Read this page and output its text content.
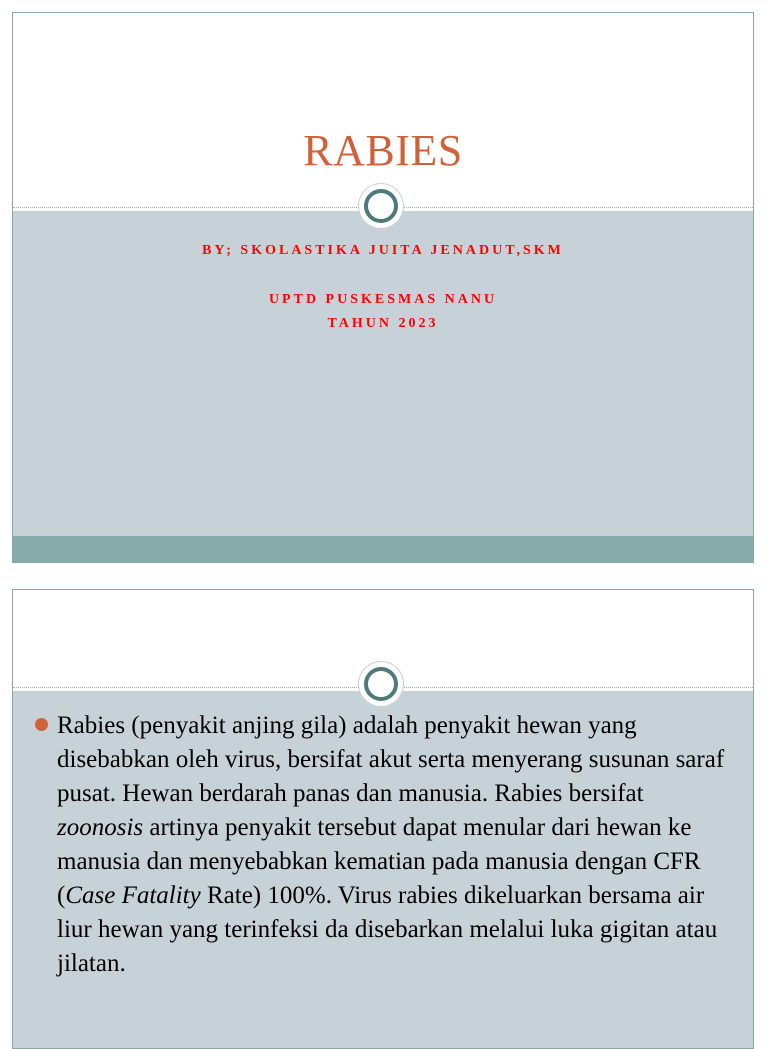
RABIES
BY; SKOLASTIKA JUITA JENADUT,SKM
UPTD PUSKESMAS NANU
TAHUN 2023

Rabies (penyakit anjing gila) adalah penyakit hewan yang disebabkan oleh virus, bersifat akut serta menyerang susunan saraf pusat. Hewan berdarah panas dan manusia. Rabies bersifat zoonosis artinya penyakit tersebut dapat menular dari hewan ke manusia dan menyebabkan kematian pada manusia dengan CFR (Case Fatality Rate) 100%. Virus rabies dikeluarkan bersama air liur hewan yang terinfeksi da disebarkan melalui luka gigitan atau jilatan.
